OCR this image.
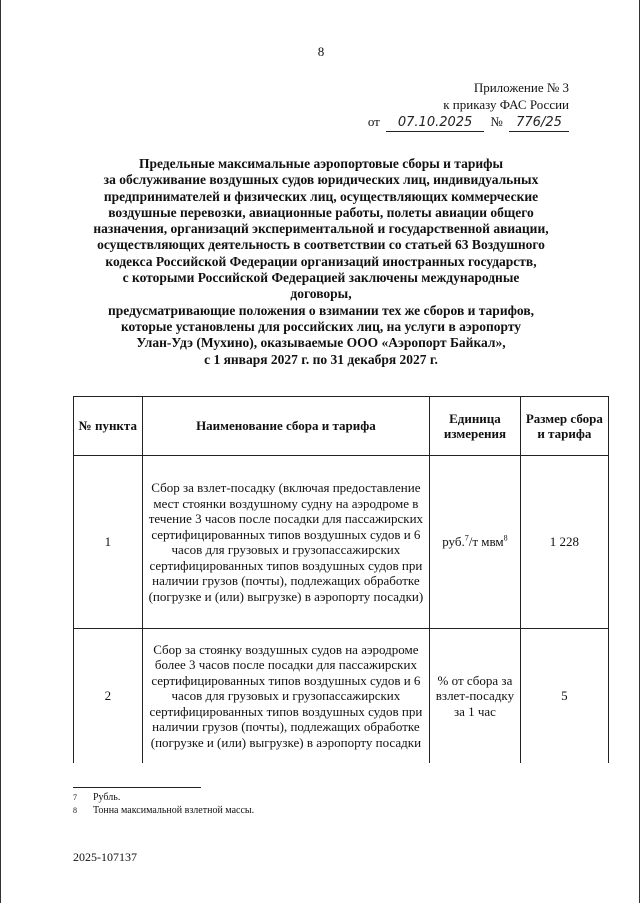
8
Приложение № 3
к приказу ФАС России
от 07.10.2025 № 776/25
Предельные максимальные аэропортовые сборы и тарифы
за обслуживание воздушных судов юридических лиц, индивидуальных
предпринимателей и физических лиц, осуществляющих коммерческие
воздушные перевозки, авиационные работы, полеты авиации общего
назначения, организаций экспериментальной и государственной авиации,
осуществляющих деятельность в соответствии со статьей 63 Воздушного
кодекса Российской Федерации организаций иностранных государств,
с которыми Российской Федерацией заключены международные договоры,
предусматривающие положения о взимании тех же сборов и тарифов,
которые установлены для российских лиц, на услуги в аэропорту
Улан-Удэ (Мухино), оказываемые ООО «Аэропорт Байкал»,
с 1 января 2027 г. по 31 декабря 2027 г.
№ пункта	Наименование сбора и тарифа	Единица измерения	Размер сбора и тарифа
1	Сбор за взлет-посадку (включая предоставление мест стоянки воздушному судну на аэродроме в течение 3 часов после посадки для пассажирских сертифицированных типов воздушных судов и 6 часов для грузовых и грузопассажирских сертифицированных типов воздушных судов при наличии грузов (почты), подлежащих обработке (погрузке и (или) выгрузке) в аэропорту посадки)	руб.$^7$/т мвм$^8$	1 228
2	Сбор за стоянку воздушных судов на аэродроме более 3 часов после посадки для пассажирских сертифицированных типов воздушных судов и 6 часов для грузовых и грузопассажирских сертифицированных типов воздушных судов при наличии грузов (почты), подлежащих обработке (погрузке и (или) выгрузке) в аэропорту посадки	% от сбора за взлет-посадку за 1 час	5
7	Рубль.
8	Тонна максимальной взлетной массы.
2025-107137
